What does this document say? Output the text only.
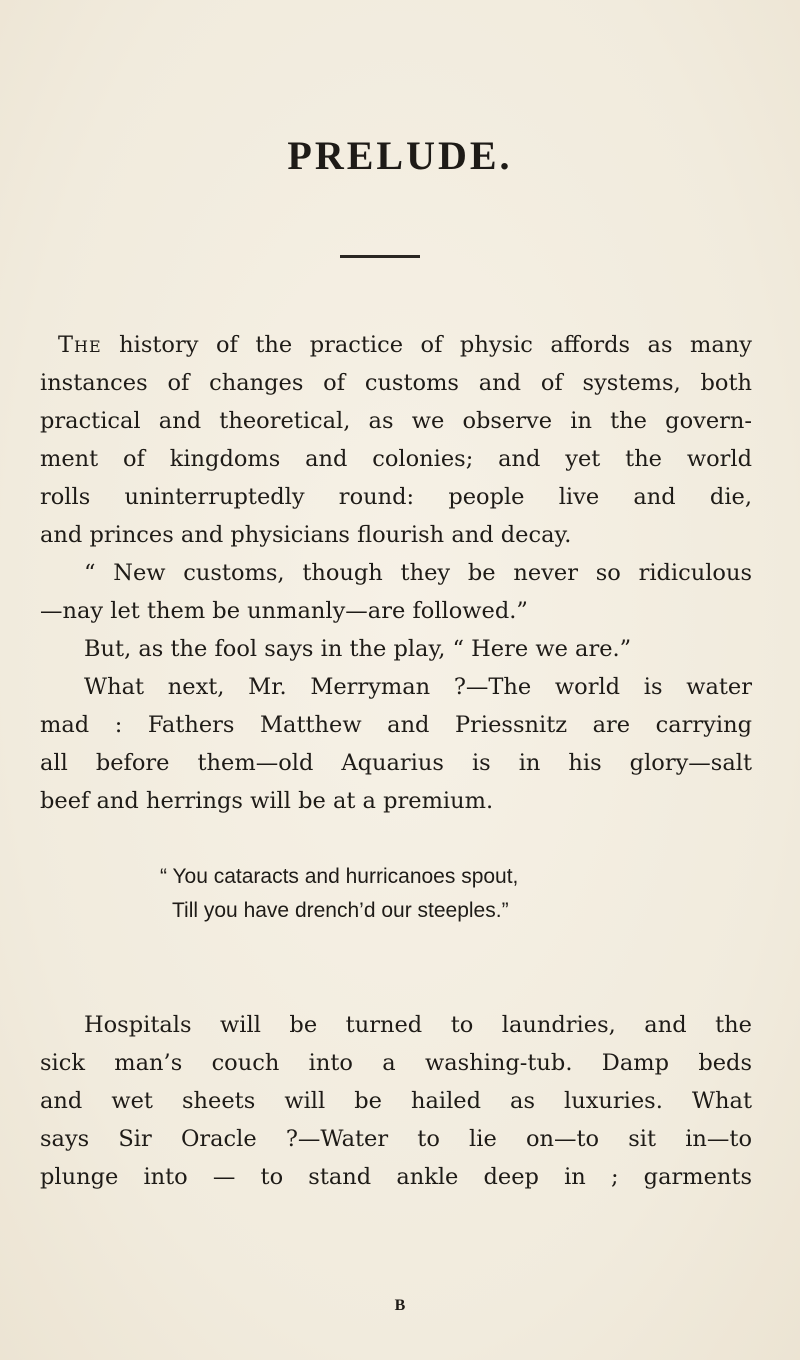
PRELUDE.
The history of the practice of physic affords as many
instances of changes of customs and of systems, both
practical and theoretical, as we observe in the govern-
ment of kingdoms and colonies; and yet the world
rolls uninterruptedly round: people live and die,
and princes and physicians flourish and decay.
“ New customs, though they be never so ridiculous
—nay let them be unmanly—are followed.”
But, as the fool says in the play, “ Here we are.”
What next, Mr. Merryman ?—The world is water
mad : Fathers Matthew and Priessnitz are carrying
all before them—old Aquarius is in his glory—salt
beef and herrings will be at a premium.
“ You cataracts and hurricanoes spout,
Till you have drench’d our steeples.”
Hospitals will be turned to laundries, and the
sick man’s couch into a washing-tub. Damp beds
and wet sheets will be hailed as luxuries. What
says Sir Oracle ?—Water to lie on—to sit in—to
plunge into — to stand ankle deep in ; garments
B
